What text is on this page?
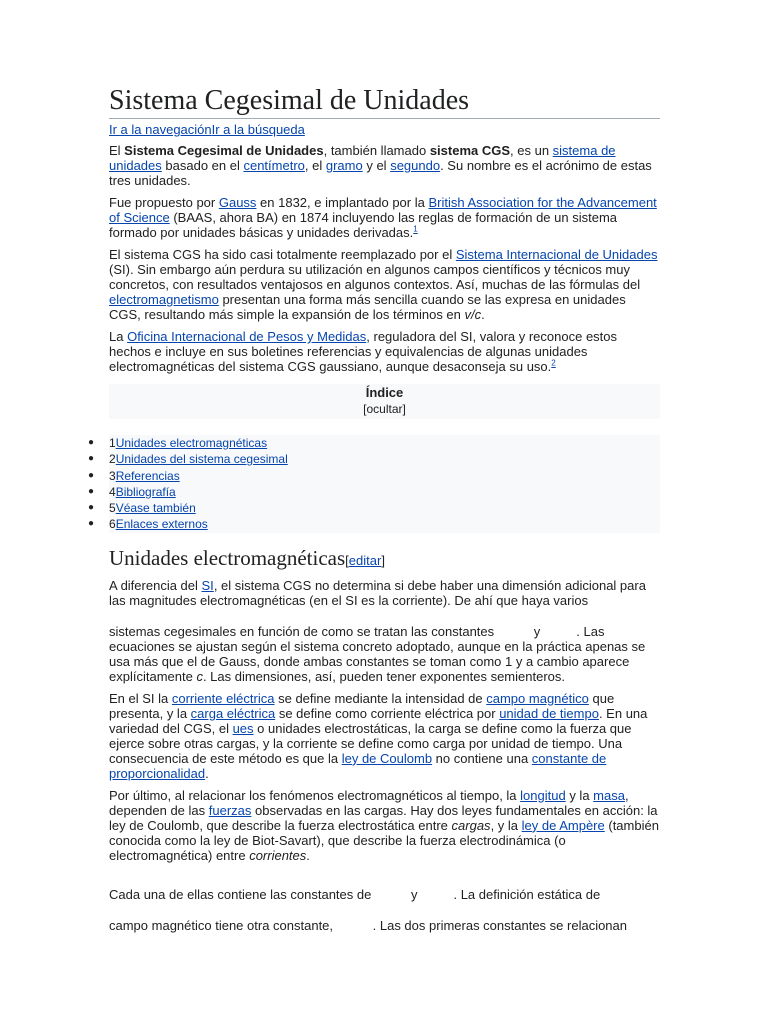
Sistema Cegesimal de Unidades
Ir a la navegaciónIr a la búsqueda

El Sistema Cegesimal de Unidades, también llamado sistema CGS, es un sistema de unidades basado en el centímetro, el gramo y el segundo. Su nombre es el acrónimo de estas tres unidades.

Fue propuesto por Gauss en 1832, e implantado por la British Association for the Advancement of Science (BAAS, ahora BA) en 1874 incluyendo las reglas de formación de un sistema formado por unidades básicas y unidades derivadas.$^1$

El sistema CGS ha sido casi totalmente reemplazado por el Sistema Internacional de Unidades (SI). Sin embargo aún perdura su utilización en algunos campos científicos y técnicos muy concretos, con resultados ventajosos en algunos contextos. Así, muchas de las fórmulas del electromagnetismo presentan una forma más sencilla cuando se las expresa en unidades CGS, resultando más simple la expansión de los términos en v/c.

La Oficina Internacional de Pesos y Medidas, reguladora del SI, valora y reconoce estos hechos e incluye en sus boletines referencias y equivalencias de algunas unidades electromagnéticas del sistema CGS gaussiano, aunque desaconseja su uso.$^2$

Índice
[ocultar]
● 1Unidades electromagnéticas
● 2Unidades del sistema cegesimal
● 3Referencias
● 4Bibliografía
● 5Véase también
● 6Enlaces externos
Unidades electromagnéticas[editar]

A diferencia del SI, el sistema CGS no determina si debe haber una dimensión adicional para las magnitudes electromagnéticas (en el SI es la corriente). De ahí que haya varios

sistemas cegesimales en función de como se tratan las constantes	y	. Las ecuaciones se ajustan según el sistema concreto adoptado, aunque en la práctica apenas se usa más que el de Gauss, donde ambas constantes se toman como 1 y a cambio aparece explícitamente c. Las dimensiones, así, pueden tener exponentes semienteros.

En el SI la corriente eléctrica se define mediante la intensidad de campo magnético que presenta, y la carga eléctrica se define como corriente eléctrica por unidad de tiempo. En una variedad del CGS, el ues o unidades electrostáticas, la carga se define como la fuerza que ejerce sobre otras cargas, y la corriente se define como carga por unidad de tiempo. Una consecuencia de este método es que la ley de Coulomb no contiene una constante de proporcionalidad.

Por último, al relacionar los fenómenos electromagnéticos al tiempo, la longitud y la masa, dependen de las fuerzas observadas en las cargas. Hay dos leyes fundamentales en acción: la ley de Coulomb, que describe la fuerza electrostática entre cargas, y la ley de Ampère (también conocida como la ley de Biot-Savart), que describe la fuerza electrodinámica (o electromagnética) entre corrientes.

Cada una de ellas contiene las constantes de	y	. La definición estática de

campo magnético tiene otra constante,	. Las dos primeras constantes se relacionan
